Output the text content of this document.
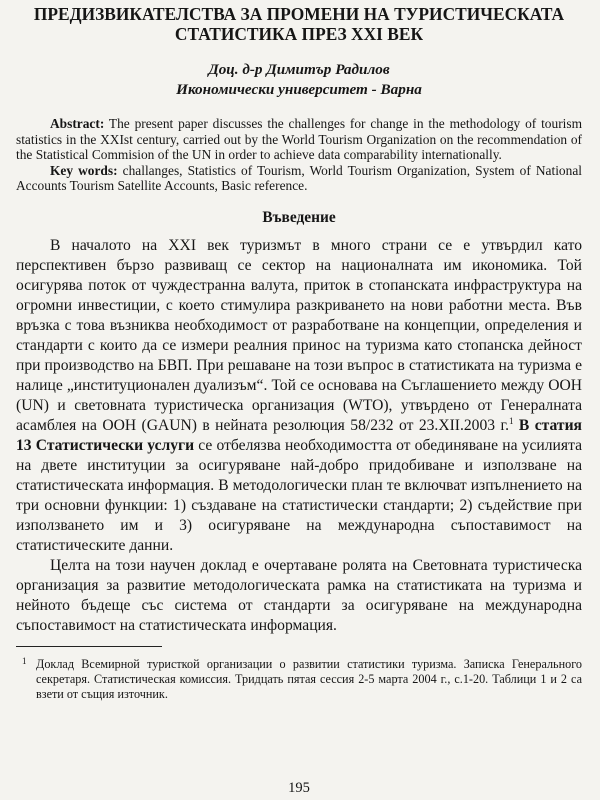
ПРЕДИЗВИКАТЕЛСТВА ЗА ПРОМЕНИ НА ТУРИСТИЧЕСКАТА
СТАТИСТИКА ПРЕЗ XXI ВЕК
Доц. д-р Димитър Радилов
Икономически университет - Варна

Abstract: The present paper discusses the challenges for change in the methodology of tourism statistics in the XXIst century, carried out by the World Tourism Organization on the recommendation of the Statistical Commision of the UN in order to achieve data comparability internationally.

Key words: challanges, Statistics of Tourism, World Tourism Organization, System of National Accounts Tourism Satellite Accounts, Basic reference.

Въведение

В началото на XXI век туризмът в много страни се е утвърдил като перспективен бързо развиващ се сектор на националната им икономика. Той осигурява поток от чуждестранна валута, приток в стопанската инфраструктура на огромни инвестиции, с което стимулира разкриването на нови работни места. Във връзка с това възниква необходимост от разработване на концепции, определения и стандарти с които да се измери реалния принос на туризма като стопанска дейност при производство на БВП. При решаване на този въпрос в статистиката на туризма е налице „институционален дуализъм“. Той се основава на Съглашението между ООН (UN) и световната туристическа организация (WTO), утвърдено от Генералната асамблея на ООН (GAUN) в нейната резолюция 58/232 от 23.XII.2003 г.$^1$ В статия 13 Статистически услуги се отбелязва необходимостта от обединяване на усилията на двете институции за осигуряване най-добро придобиване и използване на статистическата информация. В методологически план те включват изпълнението на три основни функции: 1) създаване на статистически стандарти; 2) съдействие при използването им и 3) осигуряване на международна съпоставимост на статистическите данни.

Целта на този научен доклад е очертаване ролята на Световната туристическа организация за развитие методологическата рамка на статистиката на туризма и нейното бъдеще със система от стандарти за осигуряване на международна съпоставимост на статистическата информация.

1 Доклад Всемирной туристкой организации о развитии статистики туризма. Записка Генерального секретаря. Статистическая комиссия. Тридцать пятая сессия 2-5 марта 2004 г., с.1-20. Таблици 1 и 2 са взети от същия източник.
195
